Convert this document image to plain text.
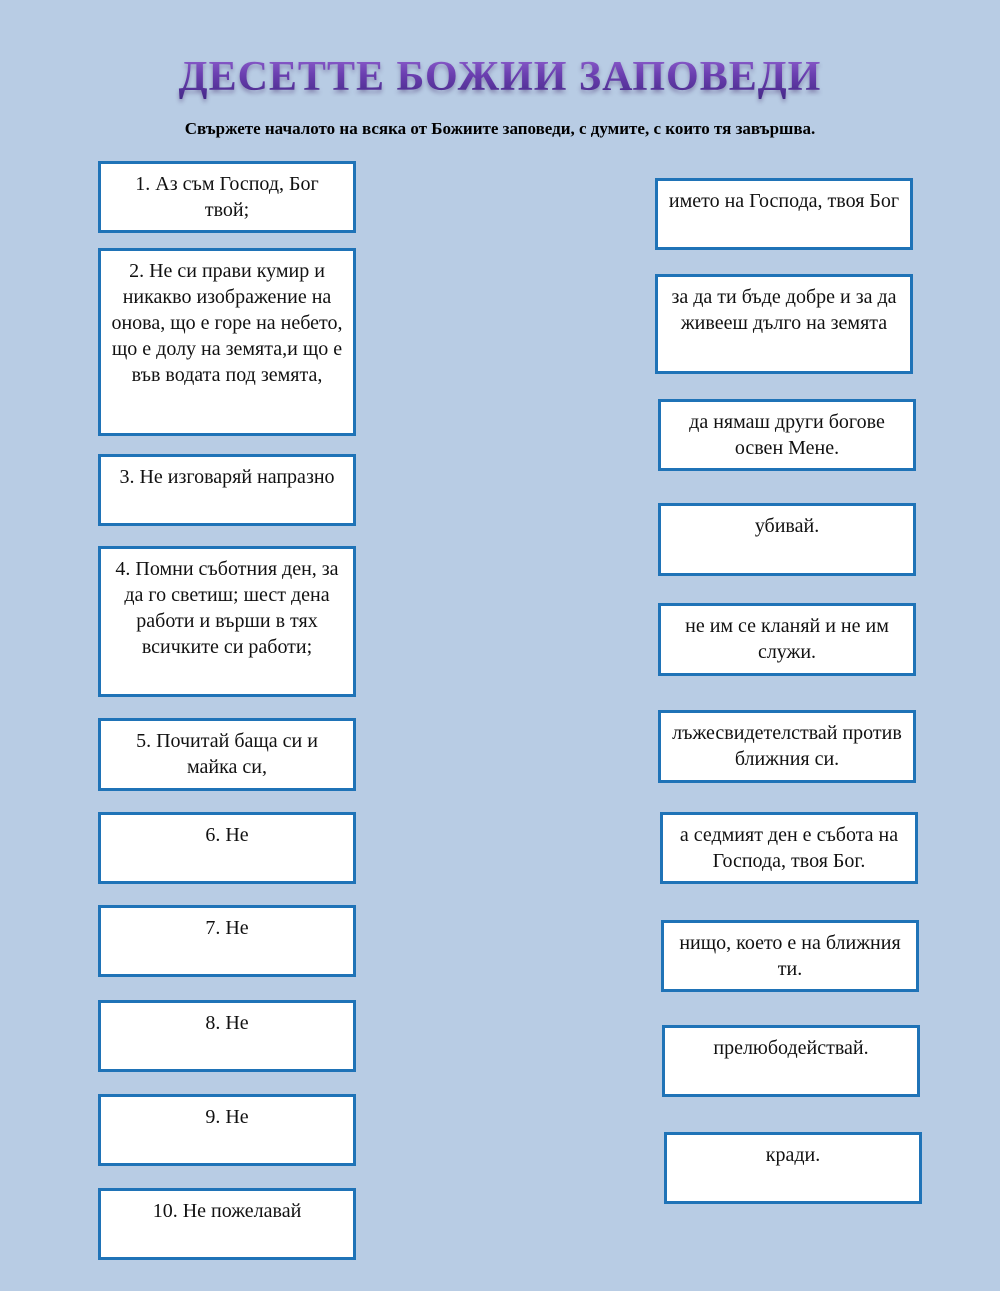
ДЕСЕТТЕ БОЖИИ ЗАПОВЕДИ
Свържете началото на всяка от Божиите заповеди, с думите, с които тя завършва.
1. Аз съм Господ, Бог твой;
2. Не си прави кумир и никакво изображение на онова, що е горе на небето, що е долу на земята,и що е във водата под земята,
3. Не изговаряй напразно
4. Помни съботния ден, за да го светиш; шест дена работи и върши в тях всичките си работи;
5. Почитай баща си и майка си,
6. Не
7. Не
8. Не
9. Не
10. Не пожелавай
името на Господа, твоя Бог
за да ти бъде добре и за да живееш дълго на земята
да нямаш други богове освен Мене.
убивай.
не им се кланяй и не им служи.
лъжесвидетелствай против ближния си.
а седмият ден е събота на Господа, твоя Бог.
нищо, което е на ближния ти.
прелюбодействай.
кради.
